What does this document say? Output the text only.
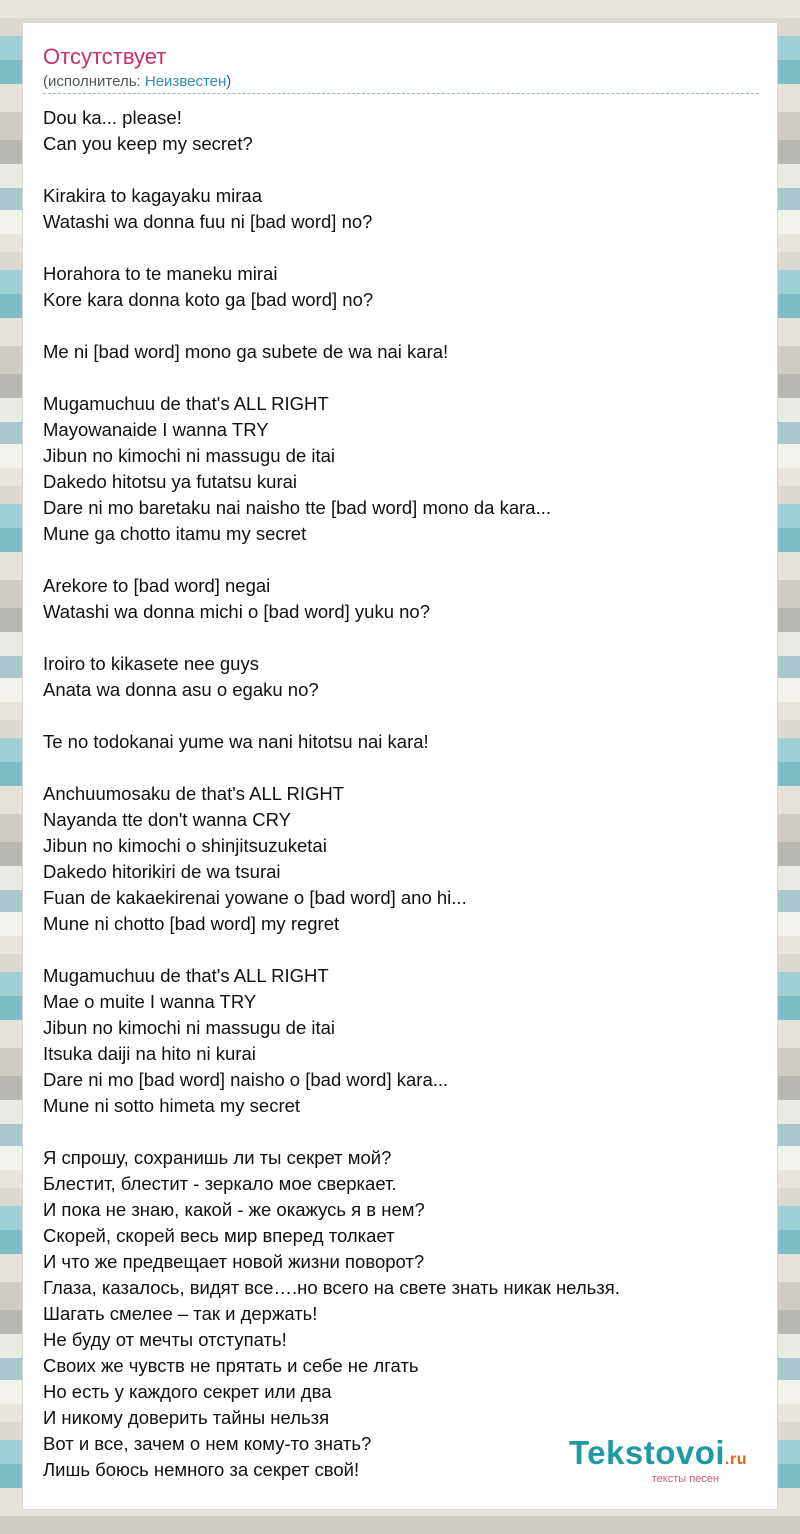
Отсутствует
(исполнитель: Неизвестен)
Dou ka... please!
Can you keep my secret?
Kirakira to kagayaku miraa
Watashi wa donna fuu ni [bad word] no?
Horahora to te maneku mirai
Kore kara donna koto ga [bad word] no?
Me ni [bad word] mono ga subete de wa nai kara!
Mugamuchuu de that's ALL RIGHT
Mayowanaide I wanna TRY
Jibun no kimochi ni massugu de itai
Dakedo hitotsu ya futatsu kurai
Dare ni mo baretaku nai naisho tte [bad word] mono da kara...
Mune ga chotto itamu my secret
Arekore to [bad word] negai
Watashi wa donna michi o [bad word] yuku no?
Iroiro to kikasete nee guys
Anata wa donna asu o egaku no?
Te no todokanai yume wa nani hitotsu nai kara!
Anchuumosaku de that's ALL RIGHT
Nayanda tte don't wanna CRY
Jibun no kimochi o shinjitsuzuketai
Dakedo hitorikiri de wa tsurai
Fuan de kakaekirenai yowane o [bad word] ano hi...
Mune ni chotto [bad word] my regret
Mugamuchuu de that's ALL RIGHT
Mae o muite I wanna TRY
Jibun no kimochi ni massugu de itai
Itsuka daiji na hito ni kurai
Dare ni mo [bad word] naisho o [bad word] kara...
Mune ni sotto himeta my secret
Я спрошу, сохранишь ли ты секрет мой?
Блестит, блестит - зеркало мое сверкает.
И пока не знаю, какой - же окажусь я в нем?
Скорей, скорей весь мир вперед толкает
И что же предвещает новой жизни поворот?
Глаза, казалось, видят все….но всего на свете знать никак нельзя.
Шагать смелее – так и держать!
Не буду от мечты отступать!
Своих же чувств не прятать и себе не лгать
Но есть у каждого секрет или два
И никому доверить тайны нельзя
Вот и все, зачем о нем кому-то знать?
Лишь боюсь немного за секрет свой!	Tekstovoi.ru
тексты песен
